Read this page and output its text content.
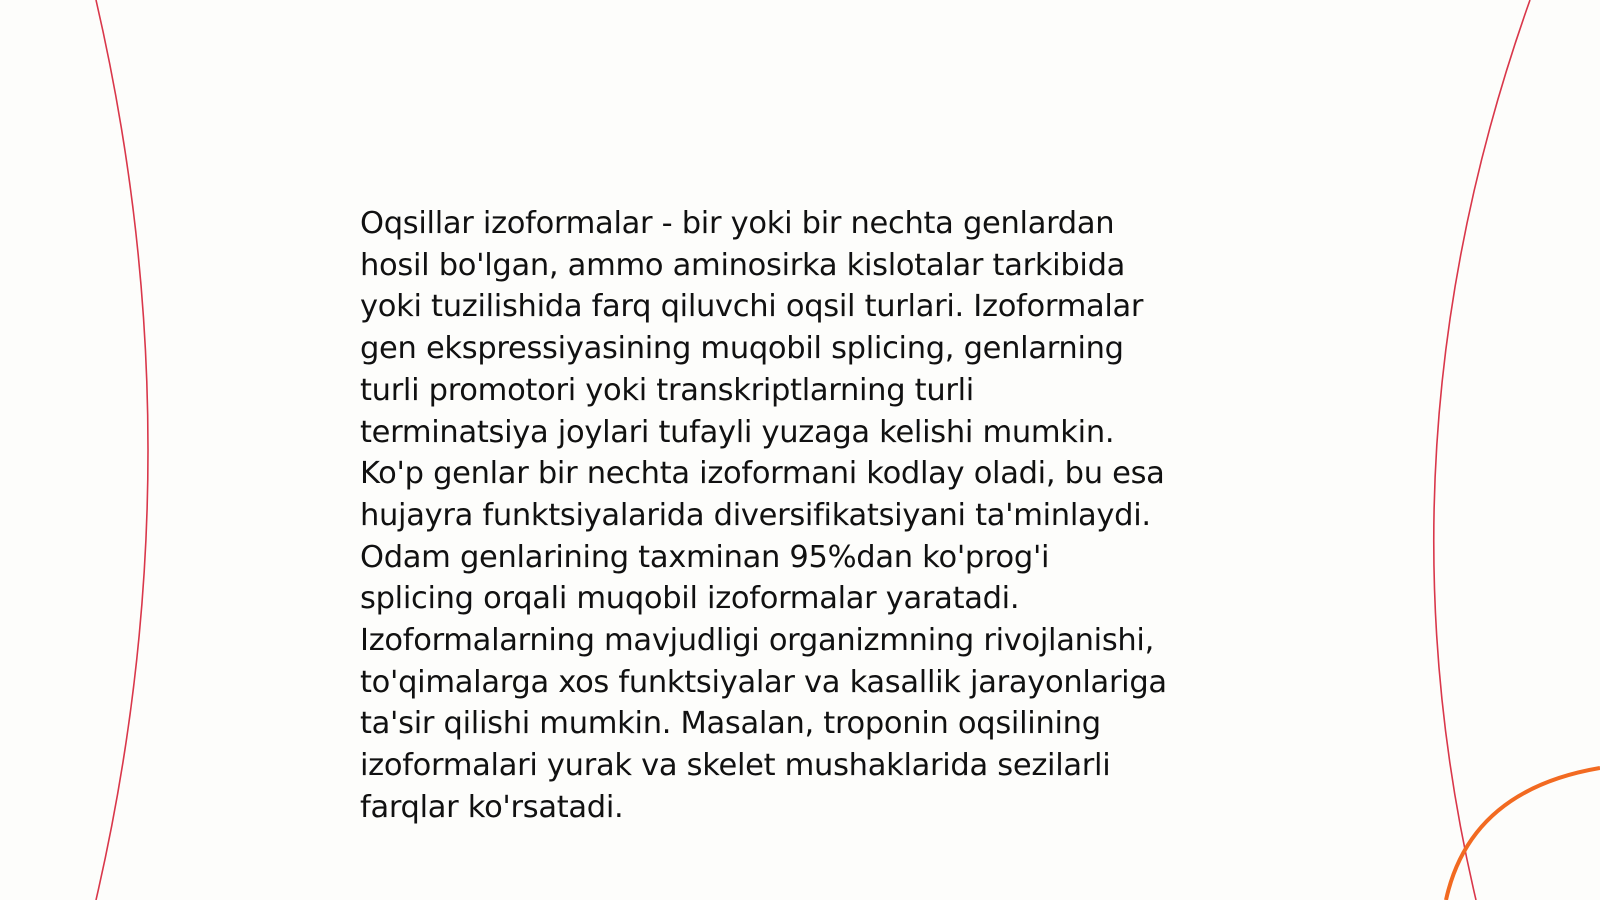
Oqsillar izoformalar - bir yoki bir nechta genlardan
hosil bo'lgan, ammo aminosirka kislotalar tarkibida
yoki tuzilishida farq qiluvchi oqsil turlari. Izoformalar
gen ekspressiyasining muqobil splicing, genlarning
turli promotori yoki transkriptlarning turli
terminatsiya joylari tufayli yuzaga kelishi mumkin.
Ko'p genlar bir nechta izoformani kodlay oladi, bu esa
hujayra funktsiyalarida diversifikatsiyani ta'minlaydi.
Odam genlarining taxminan 95%dan ko'prog'i
splicing orqali muqobil izoformalar yaratadi.
Izoformalarning mavjudligi organizmning rivojlanishi,
to'qimalarga xos funktsiyalar va kasallik jarayonlariga
ta'sir qilishi mumkin. Masalan, troponin oqsilining
izoformalari yurak va skelet mushaklarida sezilarli
farqlar ko'rsatadi.
